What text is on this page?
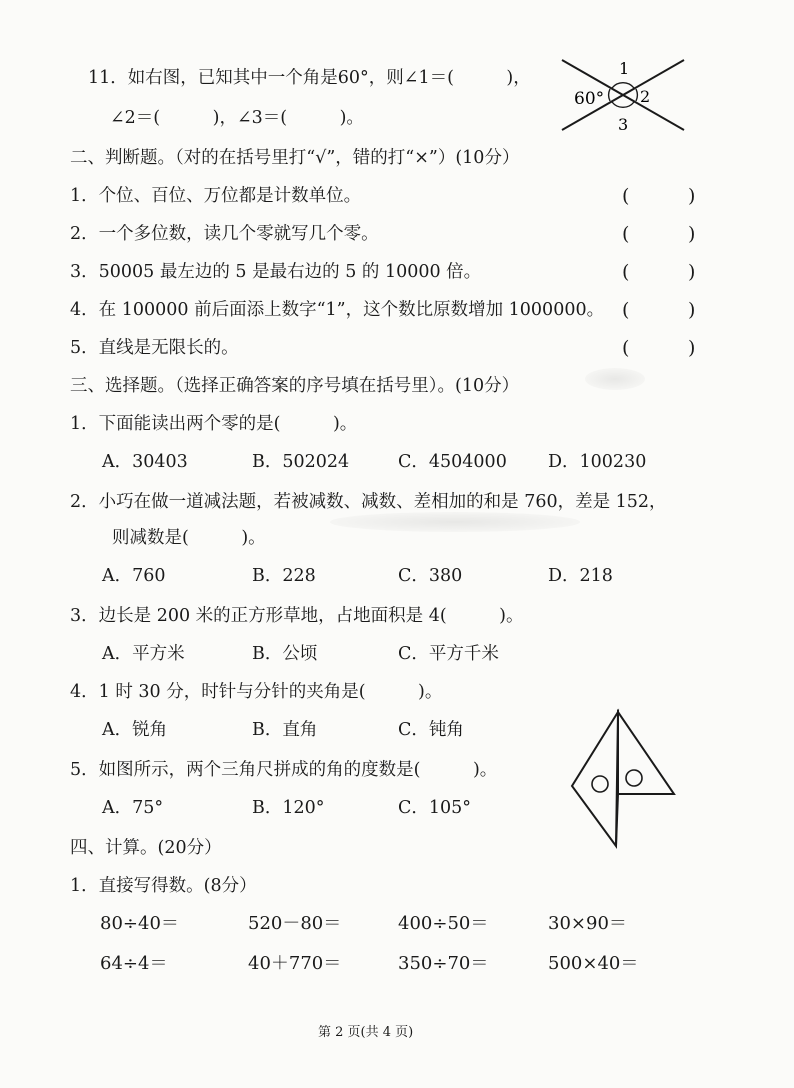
11．如右图，已知其中一个角是60°，则∠1＝(　　　)，
∠2＝(　　　)，∠3＝(　　　)。
60°
1
2
3
二、判断题。（对的在括号里打“√”，错的打“×”）(10分）
1．个位、百位、万位都是计数单位。	(	)
2．一个多位数，读几个零就写几个零。	(	)
3．50005 最左边的 5 是最右边的 5 的 10000 倍。	(	)
4．在 100000 前后面添上数字“1”，这个数比原数增加 1000000。 (	)
5．直线是无限长的。	(	)
三、选择题。（选择正确答案的序号填在括号里）。(10分）
1．下面能读出两个零的是(　　　)。
A．30403	B．502024	C．4504000 D．100230
2．小巧在做一道减法题，若被减数、减数、差相加的和是 760，差是 152，
则减数是(　　　)。
A．760	B．228	C．380	D．218
3．边长是 200 米的正方形草地，占地面积是 4(　　　)。
A．平方米	B．公顷	C．平方千米
4．1 时 30 分，时针与分针的夹角是(　　　)。
A．锐角	B．直角	C．钝角
5．如图所示，两个三角尺拼成的角的度数是(　　　)。
A．75°	B．120°	C．105°
四、计算。(20分）
1．直接写得数。(8分）
80÷40＝	520－80＝	400÷50＝	30×90＝
64÷4＝	40＋770＝	350÷70＝	500×40＝
第 2 页(共 4 页)
